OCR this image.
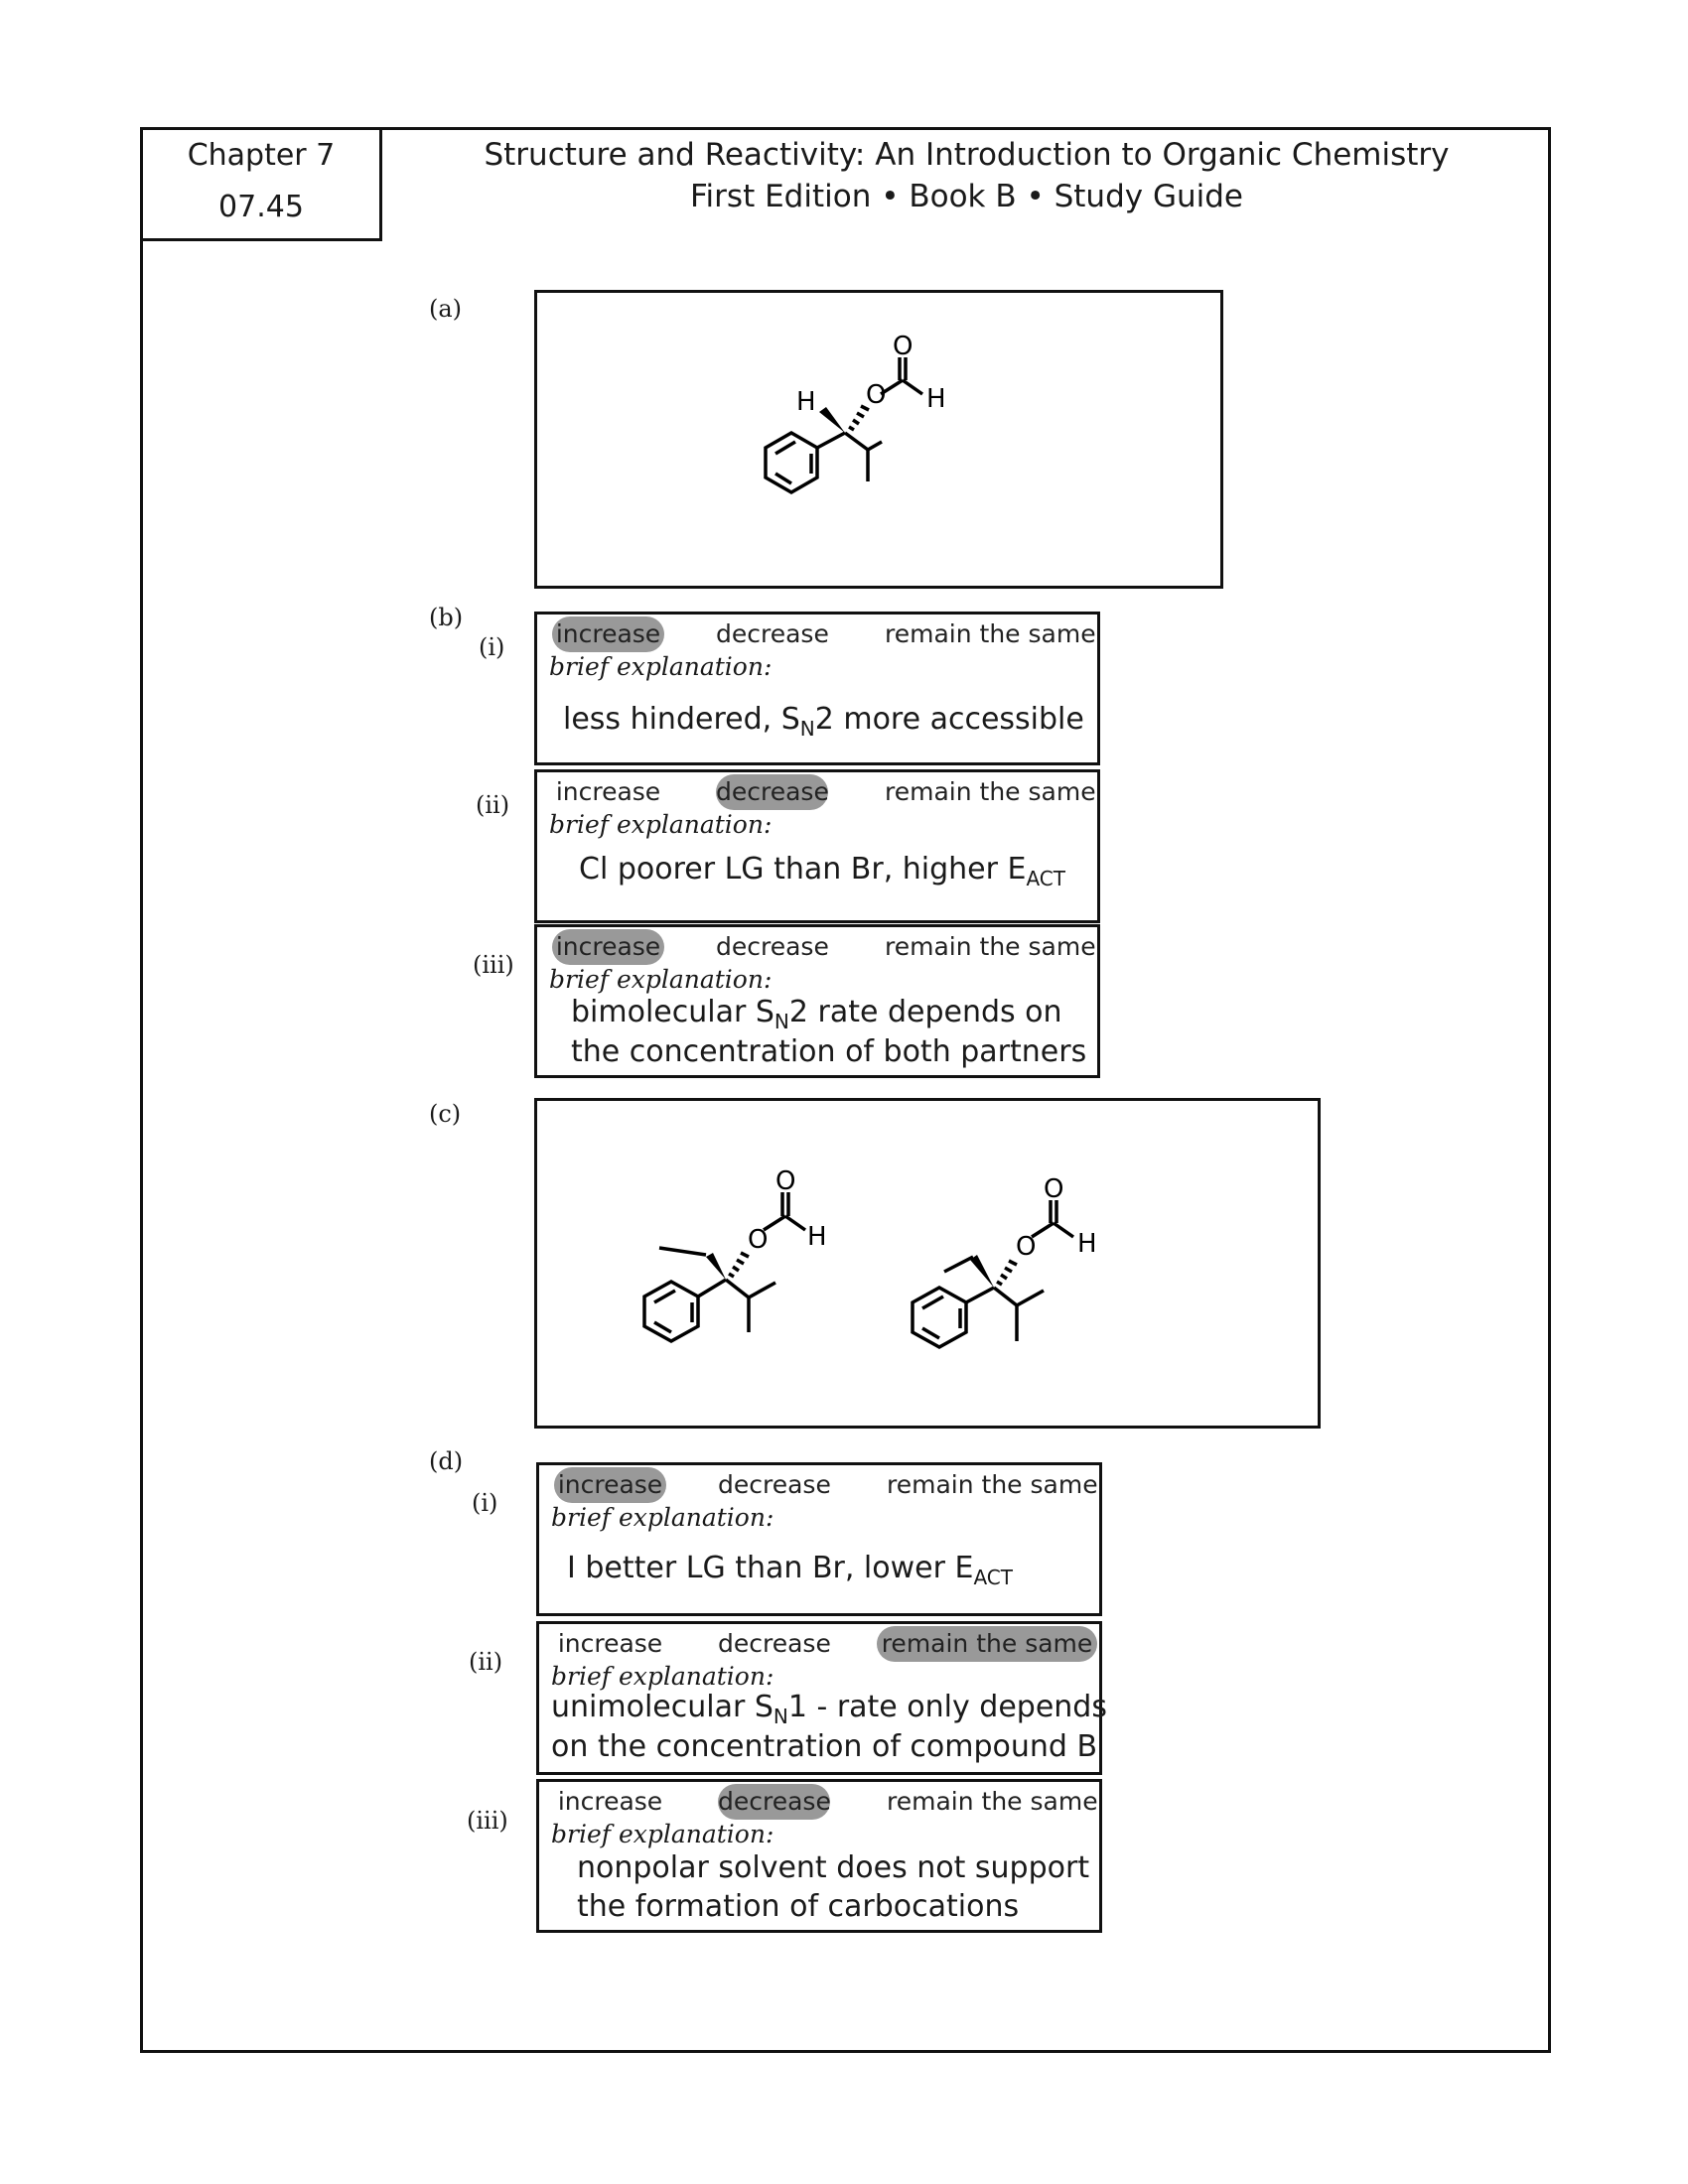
Chapter 7
07.45
Structure and Reactivity: An Introduction to Organic Chemistry
First Edition • Book B • Study Guide
(a)
H O
O
H
(b)
(i) increase decrease remain the same
brief explanation:
less hindered, $S_N2$ more accessible
(ii) increase decrease remain the same
brief explanation:
Cl poorer LG than Br, higher $E_{ACT}$
(iii)
increase decrease remain the same
brief explanation:
bimolecular $S_N2$ rate depends on
the concentration of both partners
(c)
O
O
H	O
O
H
(d)
(i)
increase decrease remain the same
brief explanation:
I better LG than Br, lower $E_{ACT}$
(ii)
increase decrease remain the same
brief explanation:
unimolecular $S_N1$ - rate only depends
on the concentration of compound B
(iii)
increase decrease remain the same
brief explanation:
nonpolar solvent does not support
the formation of carbocations
